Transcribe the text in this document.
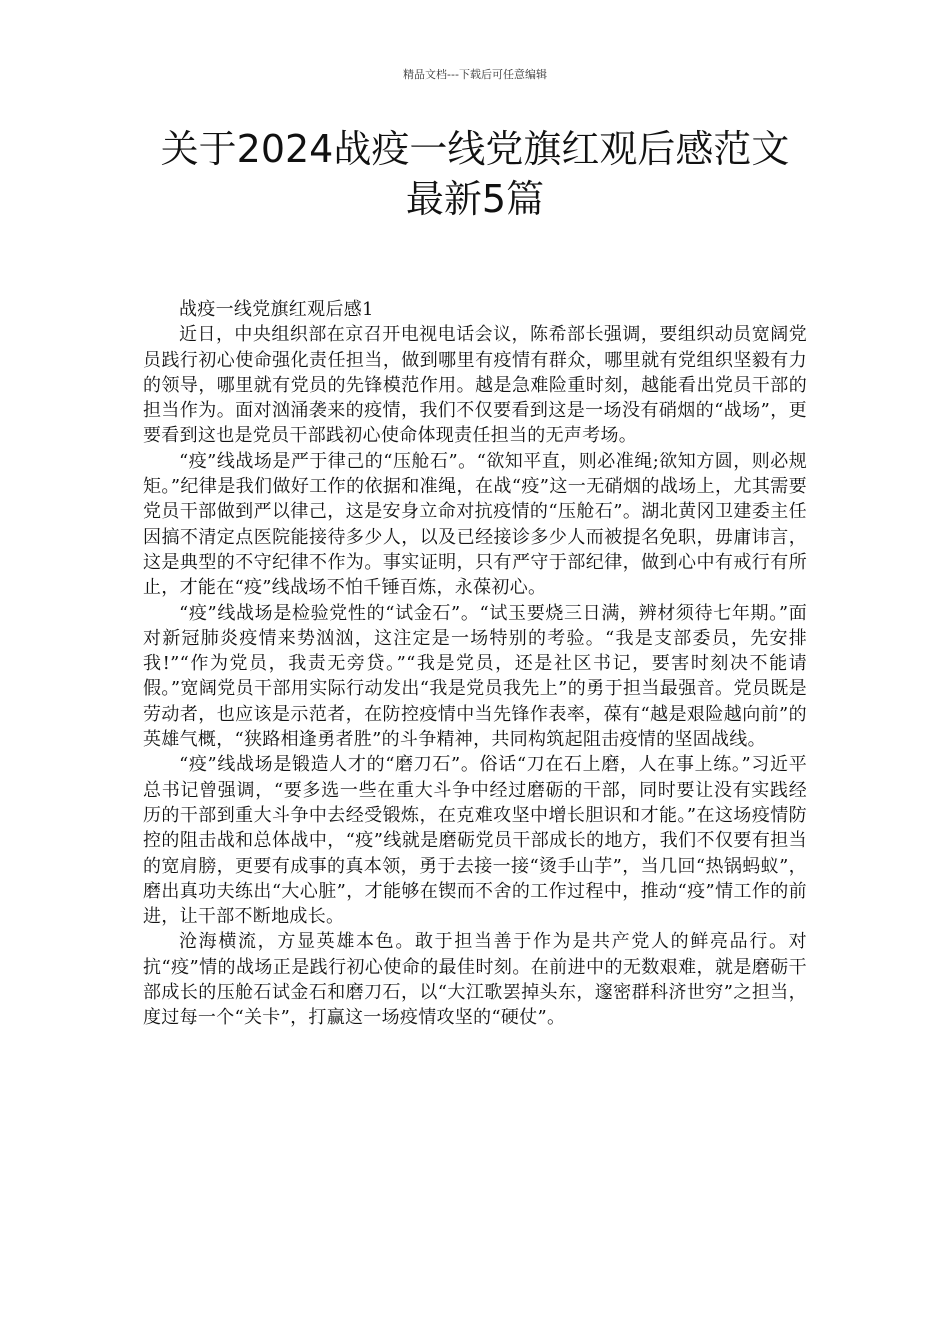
精品文档---下载后可任意编辑
关于2024战疫一线党旗红观后感范文
最新5篇

战疫一线党旗红观后感1

近日，中央组织部在京召开电视电话会议，陈希部长强调，要组织动员宽阔党员践行初心使命强化责任担当，做到哪里有疫情有群众，哪里就有党组织坚毅有力的领导，哪里就有党员的先锋模范作用。越是急难险重时刻，越能看出党员干部的担当作为。面对汹涌袭来的疫情，我们不仅要看到这是一场没有硝烟的“战场”，更要看到这也是党员干部践初心使命体现责任担当的无声考场。

“疫”线战场是严于律己的“压舱石”。“欲知平直，则必准绳;欲知方圆，则必规矩。”纪律是我们做好工作的依据和准绳，在战“疫”这一无硝烟的战场上，尤其需要党员干部做到严以律己，这是安身立命对抗疫情的“压舱石”。湖北黄冈卫建委主任因搞不清定点医院能接待多少人，以及已经接诊多少人而被提名免职，毋庸讳言，这是典型的不守纪律不作为。事实证明，只有严守于部纪律，做到心中有戒行有所止，才能在“疫”线战场不怕千锤百炼，永葆初心。

“疫”线战场是检验党性的“试金石”。“试玉要烧三日满，辨材须待七年期。”面对新冠肺炎疫情来势汹汹，这注定是一场特别的考验。“我是支部委员，先安排我!”“作为党员，我责无旁贷。”“我是党员，还是社区书记，要害时刻决不能请假。”宽阔党员干部用实际行动发出“我是党员我先上”的勇于担当最强音。党员既是劳动者，也应该是示范者，在防控疫情中当先锋作表率，葆有“越是艰险越向前”的英雄气概，“狭路相逢勇者胜”的斗争精神，共同构筑起阻击疫情的坚固战线。

“疫”线战场是锻造人才的“磨刀石”。俗话“刀在石上磨，人在事上练。”习近平总书记曾强调，“要多选一些在重大斗争中经过磨砺的干部，同时要让没有实践经历的干部到重大斗争中去经受锻炼，在克难攻坚中增长胆识和才能。”在这场疫情防控的阻击战和总体战中，“疫”线就是磨砺党员干部成长的地方，我们不仅要有担当的宽肩膀，更要有成事的真本领，勇于去接一接“烫手山芋”，当几回“热锅蚂蚁”，磨出真功夫练出“大心脏”，才能够在锲而不舍的工作过程中，推动“疫”情工作的前进，让干部不断地成长。

沧海横流，方显英雄本色。敢于担当善于作为是共产党人的鲜亮品行。对抗“疫”情的战场正是践行初心使命的最佳时刻。在前进中的无数艰难，就是磨砺干部成长的压舱石试金石和磨刀石，以“大江歌罢掉头东，邃密群科济世穷”之担当，度过每一个“关卡”，打赢这一场疫情攻坚的“硬仗”。
